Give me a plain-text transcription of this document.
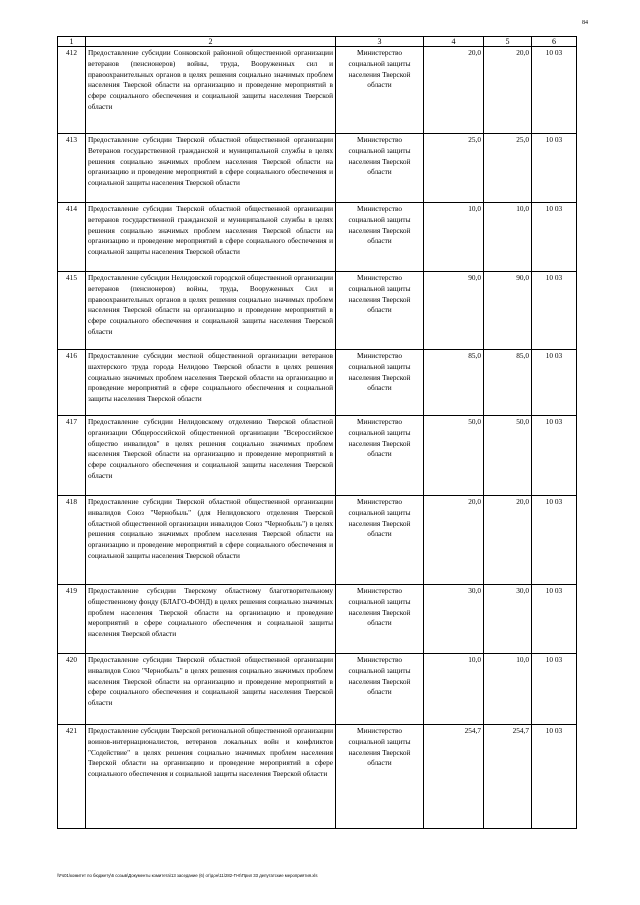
84
1	2	3	4	5	6
412	Предоставление субсидии Сонковской районной общественной организации ветеранов (пенсионеров) войны, труда, Вооруженных сил и правоохранительных органов в целях решения социально значимых проблем населения Тверской области на организацию и проведение мероприятий в сфере социального обеспечения и социальной защиты населения Тверской области	Министерство социальной защиты населения Тверской области	20,0	20,0	10 03
413	Предоставление субсидии Тверской областной общественной организации Ветеранов государственной гражданской и муниципальной службы в целях решения социально значимых проблем населения Тверской области на организацию и проведение мероприятий в сфере социального обеспечения и социальной защиты населения Тверской области	Министерство социальной защиты населения Тверской области	25,0	25,0	10 03
414	Предоставление субсидии Тверской областной общественной организации ветеранов государственной гражданской и муниципальной службы в целях решения социально значимых проблем населения Тверской области на организацию и проведение мероприятий в сфере социального обеспечения и социальной защиты населения Тверской области	Министерство социальной защиты населения Тверской области	10,0	10,0	10 03
415	Предоставление субсидии Нелидовской городской общественной организации ветеранов (пенсионеров) войны, труда, Вооруженных Сил и правоохранительных органов в целях решения социально значимых проблем населения Тверской области на организацию и проведение мероприятий в сфере социального обеспечения и социальной защиты населения Тверской области	Министерство социальной защиты населения Тверской области	90,0	90,0	10 03
416	Предоставление субсидии местной общественной организации ветеранов шахтерского труда города Нелидово Тверской области в целях решения социально значимых проблем населения Тверской области на организацию и проведение мероприятий в сфере социального обеспечения и социальной защиты населения Тверской области	Министерство социальной защиты населения Тверской области	85,0	85,0	10 03
417	Предоставление субсидии Нелидовскому отделению Тверской областной организации Общероссийской общественной организации "Всероссийское общество инвалидов" в целях решения социально значимых проблем населения Тверской области на организацию и проведение мероприятий в сфере социального обеспечения и социальной защиты населения Тверской области	Министерство социальной защиты населения Тверской области	50,0	50,0	10 03
418	Предоставление субсидии Тверской областной общественной организации инвалидов Союз "Чернобыль" (для Нелидовского отделения Тверской областной общественной организации инвалидов Союз "Чернобыль") в целях решения социально значимых проблем населения Тверской области на организацию и проведение мероприятий в сфере социального обеспечения и социальной защиты населения Тверской области	Министерство социальной защиты населения Тверской области	20,0	20,0	10 03
419	Предоставление субсидии Тверскому областному благотворительному общественному фонду (БЛАГО-ФОНД) в целях решения социально значимых проблем населения Тверской области на организацию и проведение мероприятий в сфере социального обеспечения и социальной защиты населения Тверской области	Министерство социальной защиты населения Тверской области	30,0	30,0	10 03
420	Предоставление субсидии Тверской областной общественной организации инвалидов Союз "Чернобыль" в целях решения социально значимых проблем населения Тверской области на организацию и проведение мероприятий в сфере социального обеспечения и социальной защиты населения Тверской области	Министерство социальной защиты населения Тверской области	10,0	10,0	10 03
421	Предоставление субсидии Тверской региональной общественной организации воинов-интернационалистов, ветеранов локальных войн и конфликтов "Содействие" в целях решения социально значимых проблем населения Тверской области на организацию и проведение мероприятий в сфере социального обеспечения и социальной защиты населения Тверской области	Министерство социальной защиты населения Тверской области	254,7	254,7	10 03
\\Fs01\комитет по бюджету\6 созыв\Документы комитета\13 заседание (6) от\дон\11\282-П-6\Прил 33 депутатские мероприятия.xls
